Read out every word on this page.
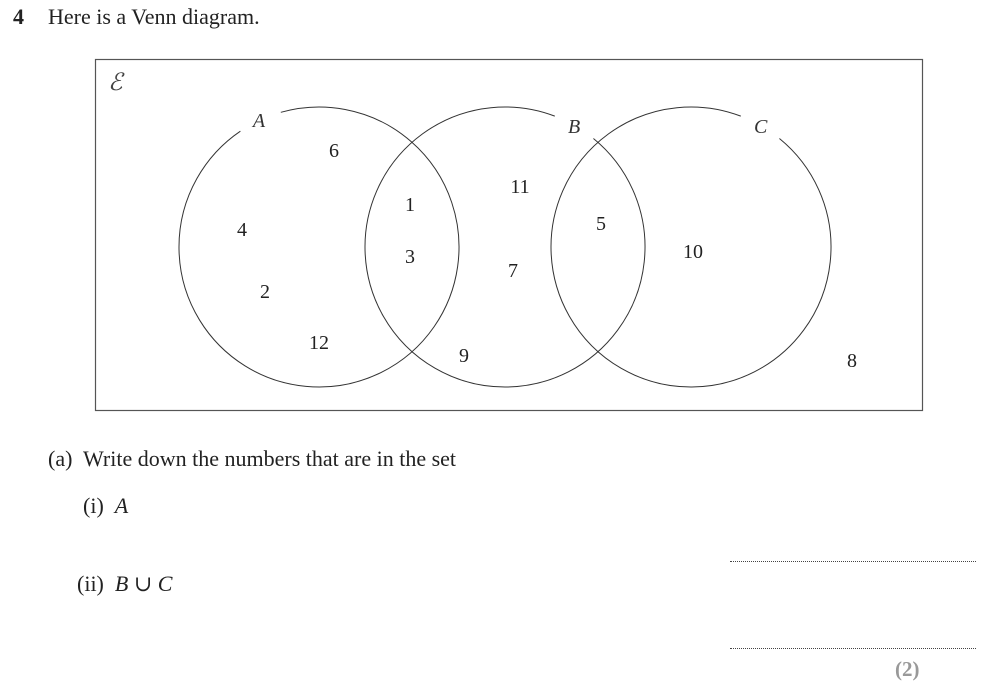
4 Here is a Venn diagram.
ℰ
A	B	C
6
4
2
12
1
3
11
7
9
5
10
8
(a) Write down the numbers that are in the set
(i) A
(ii) B ∪ C
(2)
